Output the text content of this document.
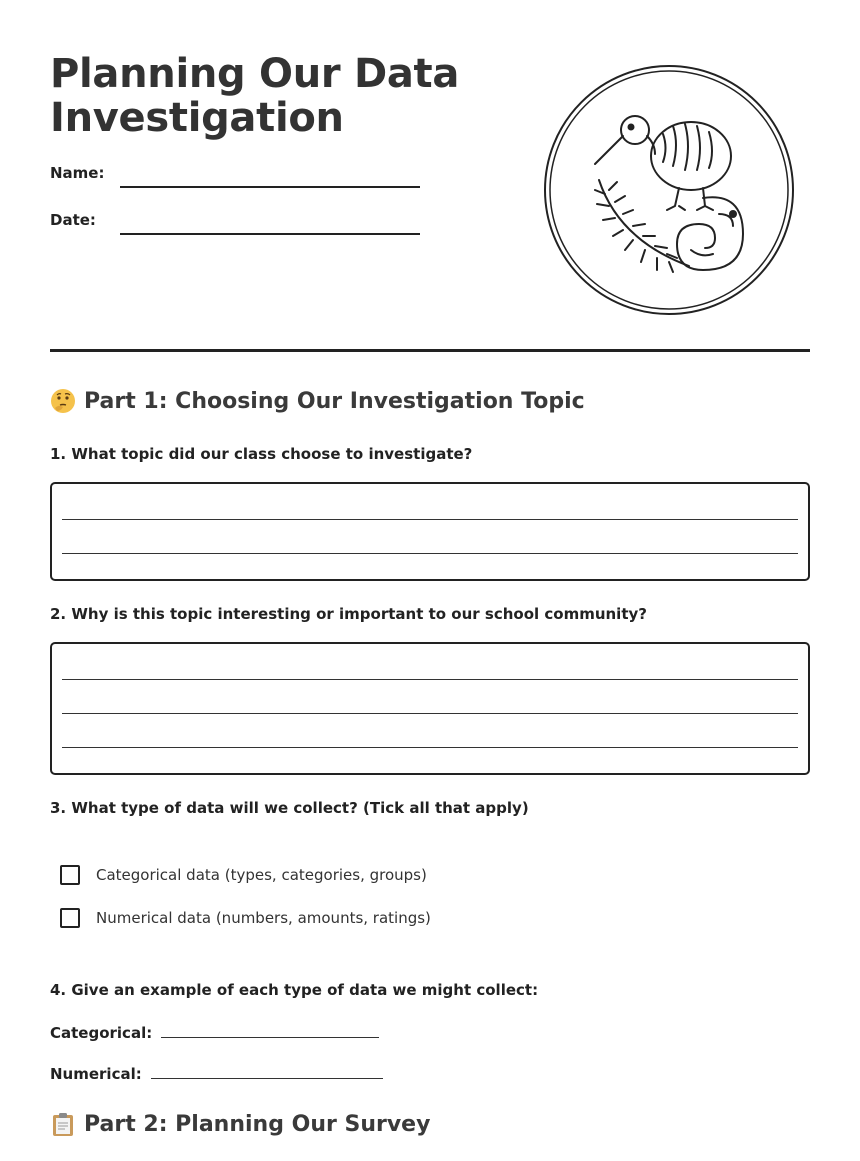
Planning Our Data
Investigation
Name:
Date:
Part 1: Choosing Our Investigation Topic

1. What topic did our class choose to investigate?

2. Why is this topic interesting or important to our school community?

3. What type of data will we collect? (Tick all that apply)

Categorical data (types, categories, groups)
Numerical data (numbers, amounts, ratings)

4. Give an example of each type of data we might collect:

Categorical:
Numerical:
Part 2: Planning Our Survey
